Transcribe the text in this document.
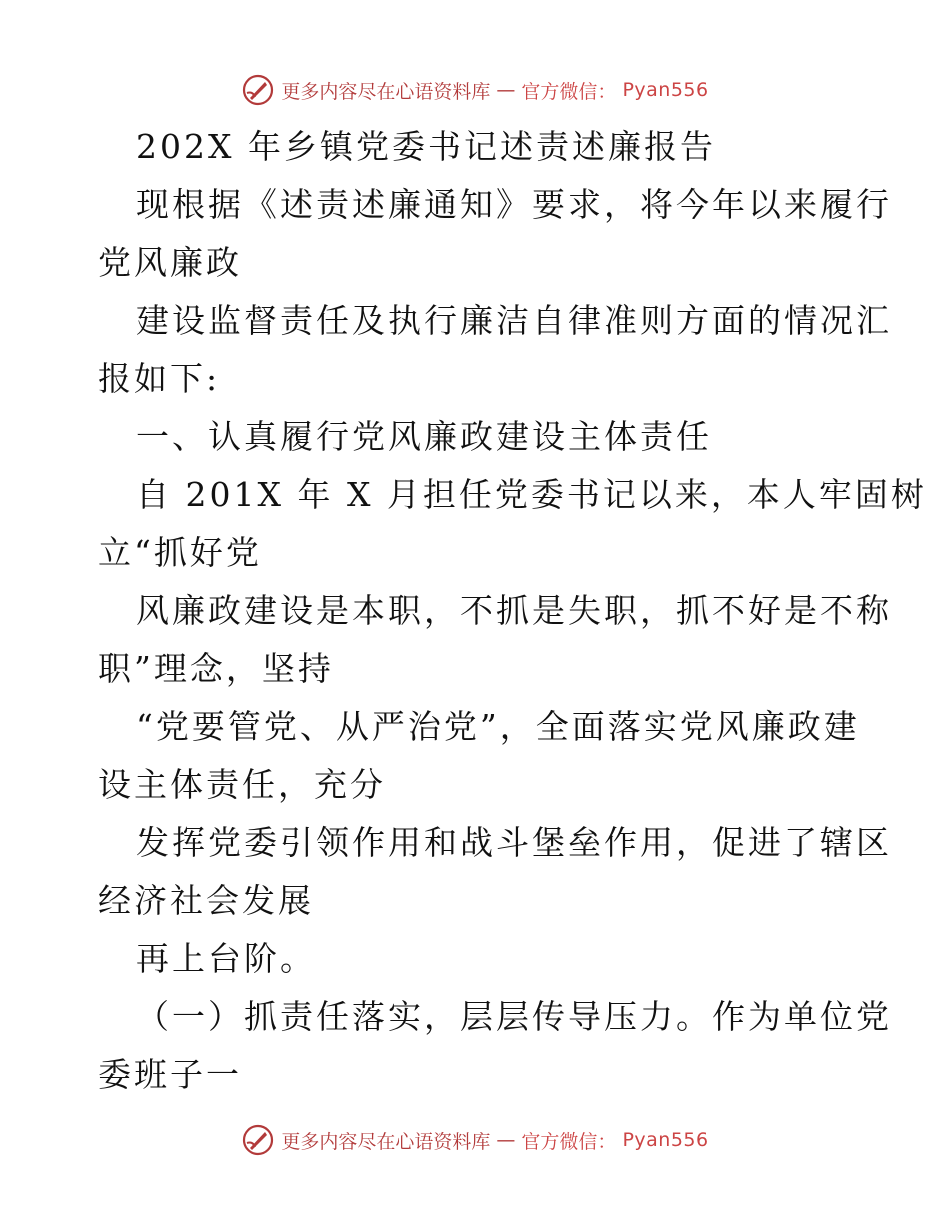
更多内容尽在心语资料库 — 官方微信： Pyan556
202X 年乡镇党委书记述责述廉报告
现根据《述责述廉通知》要求，将今年以来履行
党风廉政
建设监督责任及执行廉洁自律准则方面的情况汇
报如下:
一、认真履行党风廉政建设主体责任
自 201X 年 X 月担任党委书记以来，本人牢固树
立“抓好党
风廉政建设是本职，不抓是失职，抓不好是不称
职”理念，坚持
“党要管党、从严治党”，全面落实党风廉政建
设主体责任，充分
发挥党委引领作用和战斗堡垒作用，促进了辖区
经济社会发展
再上台阶。
（一）抓责任落实，层层传导压力。作为单位党
委班子一
更多内容尽在心语资料库 — 官方微信： Pyan556
